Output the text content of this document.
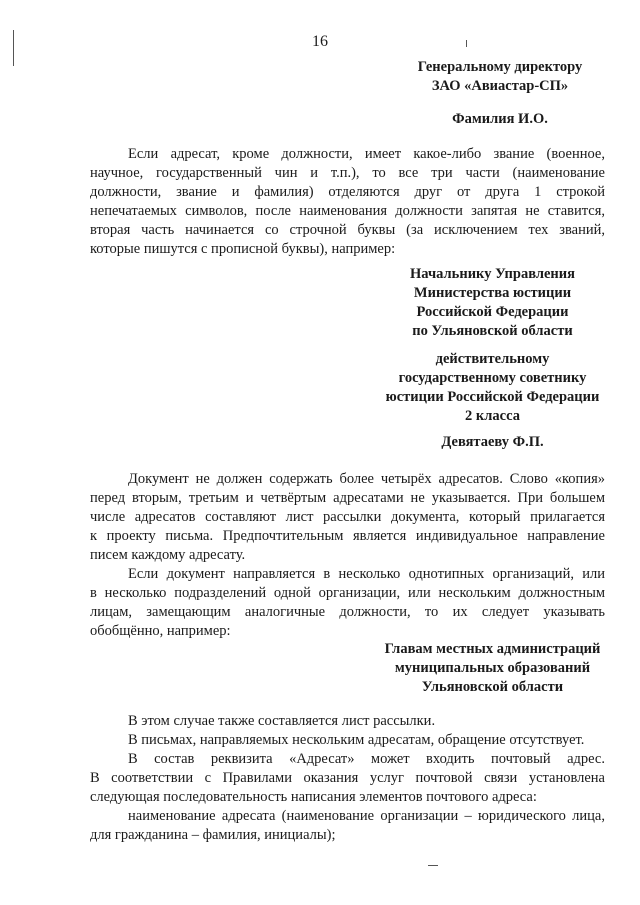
16
Генеральному директору
ЗАО «Авиастар-СП»
Фамилия И.О.
Если адресат, кроме должности, имеет какое-либо звание (военное,
научное, государственный чин и т.п.), то все три части (наименование
должности, звание и фамилия) отделяются друг от друга 1 строкой
непечатаемых символов, после наименования должности запятая не ставится,
вторая часть начинается со строчной буквы (за исключением тех званий,
которые пишутся с прописной буквы), например:
Начальнику Управления
Министерства юстиции
Российской Федерации
по Ульяновской области
действительному
государственному советнику
юстиции Российской Федерации
2 класса
Девятаеву Ф.П.
Документ не должен содержать более четырёх адресатов. Слово «копия»
перед вторым, третьим и четвёртым адресатами не указывается. При большем
числе адресатов составляют лист рассылки документа, который прилагается
к проекту письма. Предпочтительным является индивидуальное направление
писем каждому адресату.
Если документ направляется в несколько однотипных организаций, или
в несколько подразделений одной организации, или нескольким должностным
лицам, замещающим аналогичные должности, то их следует указывать
обобщённо, например:
Главам местных администраций
муниципальных образований
Ульяновской области
В этом случае также составляется лист рассылки.
В письмах, направляемых нескольким адресатам, обращение отсутствует.
В состав реквизита «Адресат» может входить почтовый адрес.
В соответствии с Правилами оказания услуг почтовой связи установлена
следующая последовательность написания элементов почтового адреса:
наименование адресата (наименование организации – юридического лица,
для гражданина – фамилия, инициалы);
